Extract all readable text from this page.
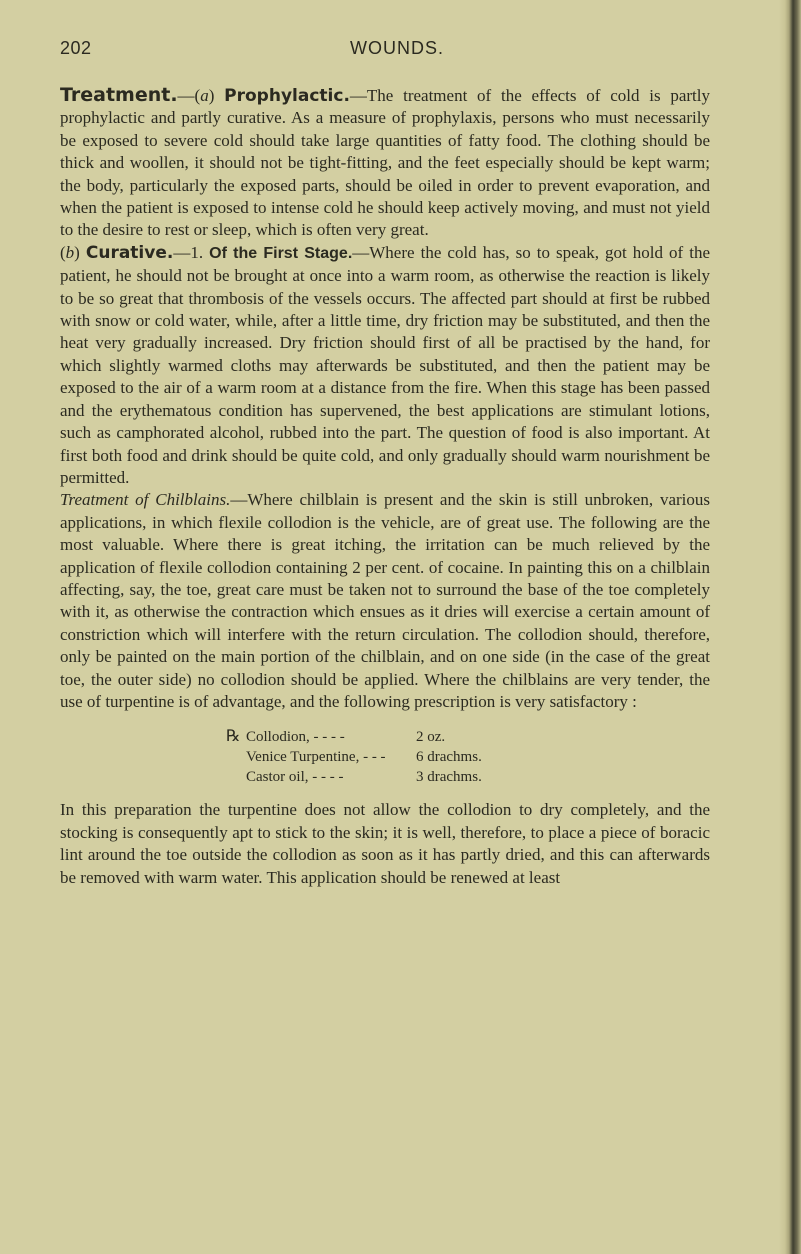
202	WOUNDS.

Treatment.—(a) Prophylactic.—The treatment of the effects of cold is partly prophylactic and partly curative. As a measure of prophylaxis, persons who must necessarily be exposed to severe cold should take large quantities of fatty food. The clothing should be thick and woollen, it should not be tight-fitting, and the feet especially should be kept warm; the body, particularly the exposed parts, should be oiled in order to prevent evaporation, and when the patient is exposed to intense cold he should keep actively moving, and must not yield to the desire to rest or sleep, which is often very great.

(b) Curative.—1. Of the First Stage.—Where the cold has, so to speak, got hold of the patient, he should not be brought at once into a warm room, as otherwise the reaction is likely to be so great that thrombosis of the vessels occurs. The affected part should at first be rubbed with snow or cold water, while, after a little time, dry friction may be substituted, and then the heat very gradually increased. Dry friction should first of all be practised by the hand, for which slightly warmed cloths may afterwards be substituted, and then the patient may be exposed to the air of a warm room at a distance from the fire. When this stage has been passed and the erythematous condition has supervened, the best applications are stimulant lotions, such as camphorated alcohol, rubbed into the part. The question of food is also important. At first both food and drink should be quite cold, and only gradually should warm nourishment be permitted.

Treatment of Chilblains.—Where chilblain is present and the skin is still unbroken, various applications, in which flexile collodion is the vehicle, are of great use. The following are the most valuable. Where there is great itching, the irritation can be much relieved by the application of flexile collodion containing 2 per cent. of cocaine. In painting this on a chilblain affecting, say, the toe, great care must be taken not to surround the base of the toe completely with it, as otherwise the contraction which ensues as it dries will exercise a certain amount of constriction which will interfere with the return circulation. The collodion should, therefore, only be painted on the main portion of the chilblain, and on one side (in the case of the great toe, the outer side) no collodion should be applied. Where the chilblains are very tender, the use of turpentine is of advantage, and the following prescription is very satisfactory :

℞ Collodion, - - - -	2 oz.
Venice Turpentine, - - -	6 drachms.
Castor oil, - - - -	3 drachms.

In this preparation the turpentine does not allow the collodion to dry completely, and the stocking is consequently apt to stick to the skin; it is well, therefore, to place a piece of boracic lint around the toe outside the collodion as soon as it has partly dried, and this can afterwards be removed with warm water. This application should be renewed at least
